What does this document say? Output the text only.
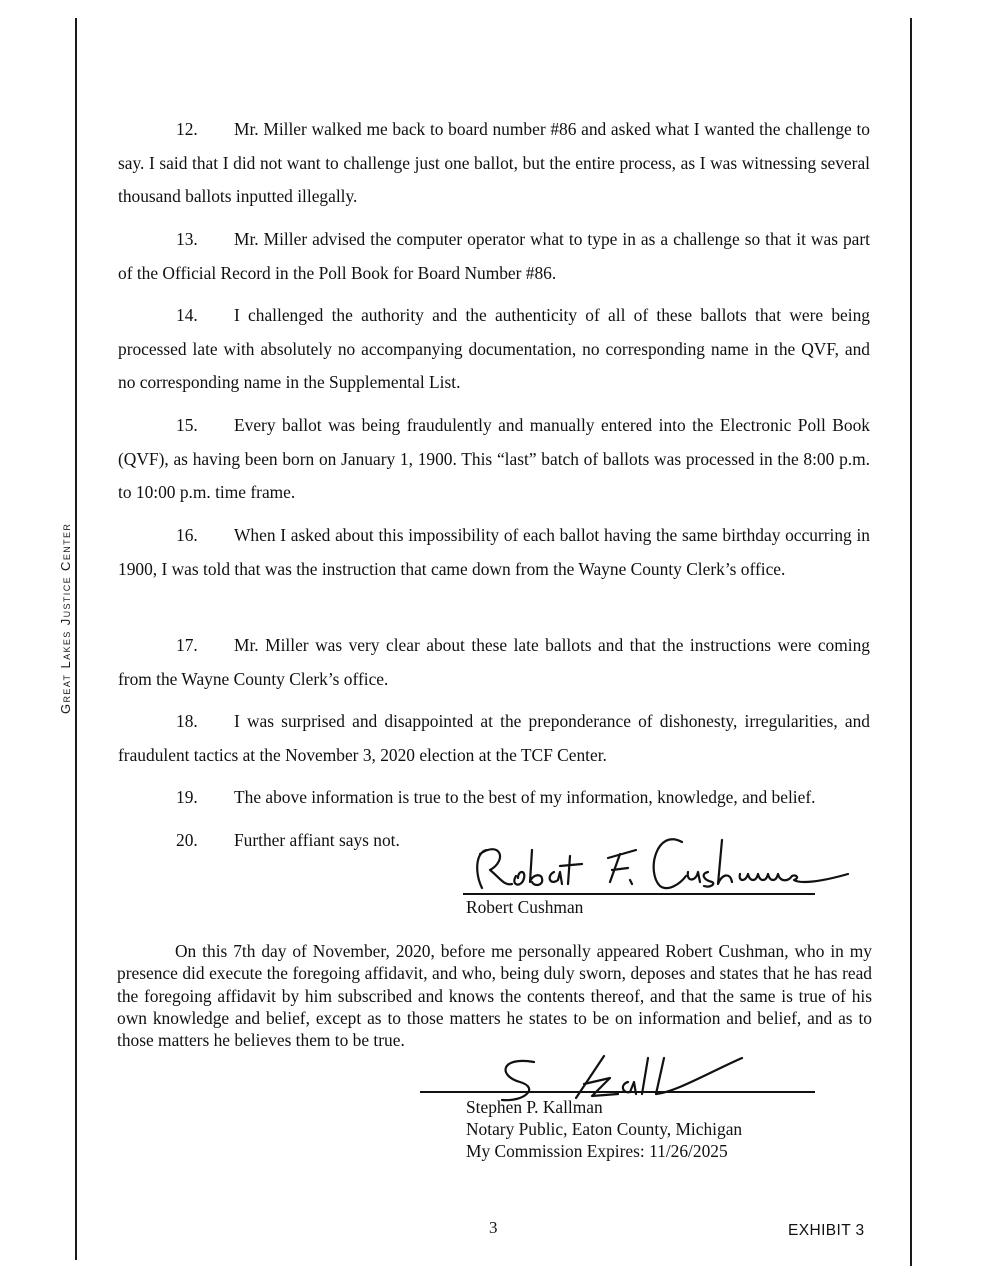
Great Lakes Justice Center

12. Mr. Miller walked me back to board number #86 and asked what I wanted the challenge to say. I said that I did not want to challenge just one ballot, but the entire process, as I was witnessing several thousand ballots inputted illegally.

13. Mr. Miller advised the computer operator what to type in as a challenge so that it was part of the Official Record in the Poll Book for Board Number #86.

14. I challenged the authority and the authenticity of all of these ballots that were being processed late with absolutely no accompanying documentation, no corresponding name in the QVF, and no corresponding name in the Supplemental List.

15. Every ballot was being fraudulently and manually entered into the Electronic Poll Book (QVF), as having been born on January 1, 1900. This “last” batch of ballots was processed in the 8:00 p.m. to 10:00 p.m. time frame.

16. When I asked about this impossibility of each ballot having the same birthday occurring in 1900, I was told that was the instruction that came down from the Wayne County Clerk’s office.

17. Mr. Miller was very clear about these late ballots and that the instructions were coming from the Wayne County Clerk’s office.

18. I was surprised and disappointed at the preponderance of dishonesty, irregularities, and fraudulent tactics at the November 3, 2020 election at the TCF Center.

19. The above information is true to the best of my information, knowledge, and belief.

20. Further affiant says not.

Robert Cushman

On this 7th day of November, 2020, before me personally appeared Robert Cushman, who in my presence did execute the foregoing affidavit, and who, being duly sworn, deposes and states that he has read the foregoing affidavit by him subscribed and knows the contents thereof, and that the same is true of his own knowledge and belief, except as to those matters he states to be on information and belief, and as to those matters he believes them to be true.

Stephen P. Kallman
Notary Public, Eaton County, Michigan
My Commission Expires: 11/26/2025
3	EXHIBIT 3
